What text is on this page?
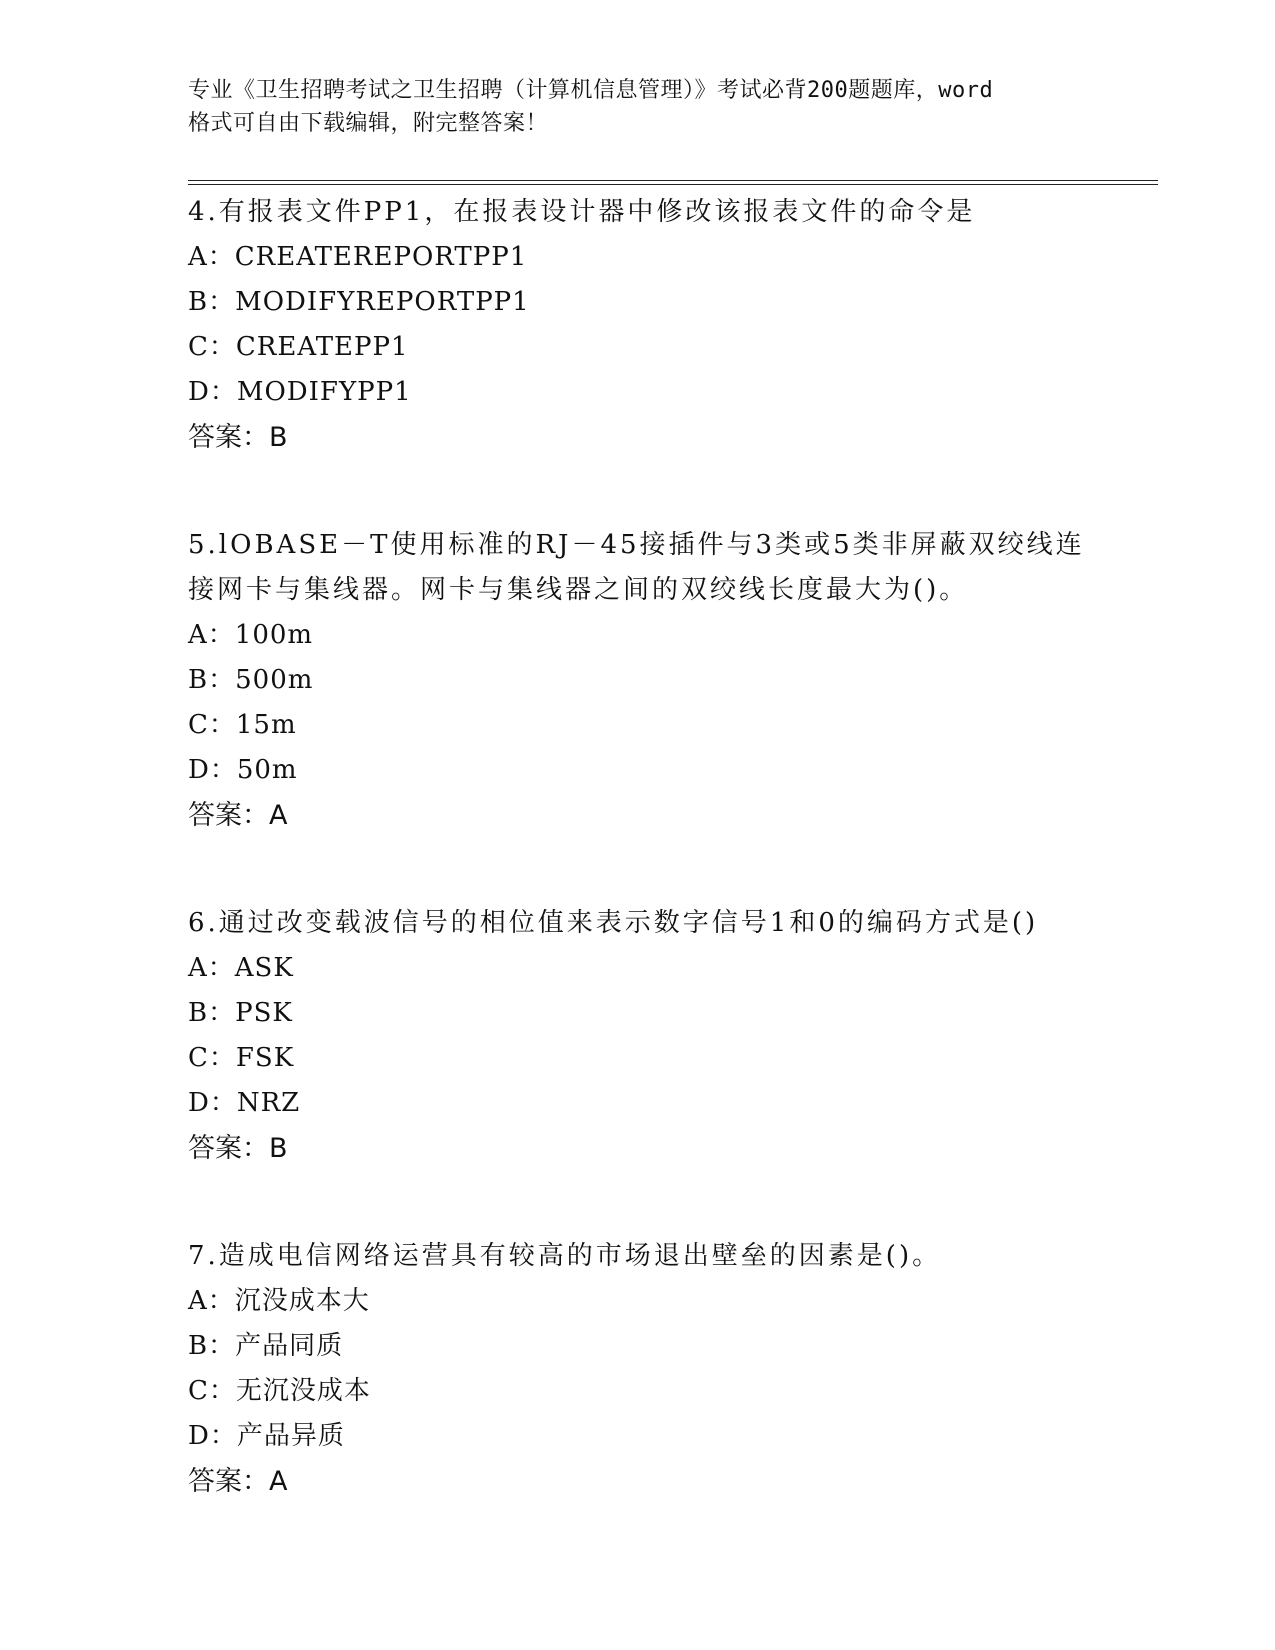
专业《卫生招聘考试之卫生招聘（计算机信息管理）》考试必背200题题库，word
格式可自由下载编辑，附完整答案！
4.有报表文件PP1，在报表设计器中修改该报表文件的命令是
A：CREATEREPORTPP1
B：MODIFYREPORTPP1
C：CREATEPP1
D：MODIFYPP1
答案：B
5.lOBASE－T使用标准的RJ－45接插件与3类或5类非屏蔽双绞线连接网卡与集线器。网卡与集线器之间的双绞线长度最大为()。
A：100m
B：500m
C：15m
D：50m
答案：A
6.通过改变载波信号的相位值来表示数字信号1和0的编码方式是()
A：ASK
B：PSK
C：FSK
D：NRZ
答案：B
7.造成电信网络运营具有较高的市场退出壁垒的因素是()。
A：沉没成本大
B：产品同质
C：无沉没成本
D：产品异质
答案：A
